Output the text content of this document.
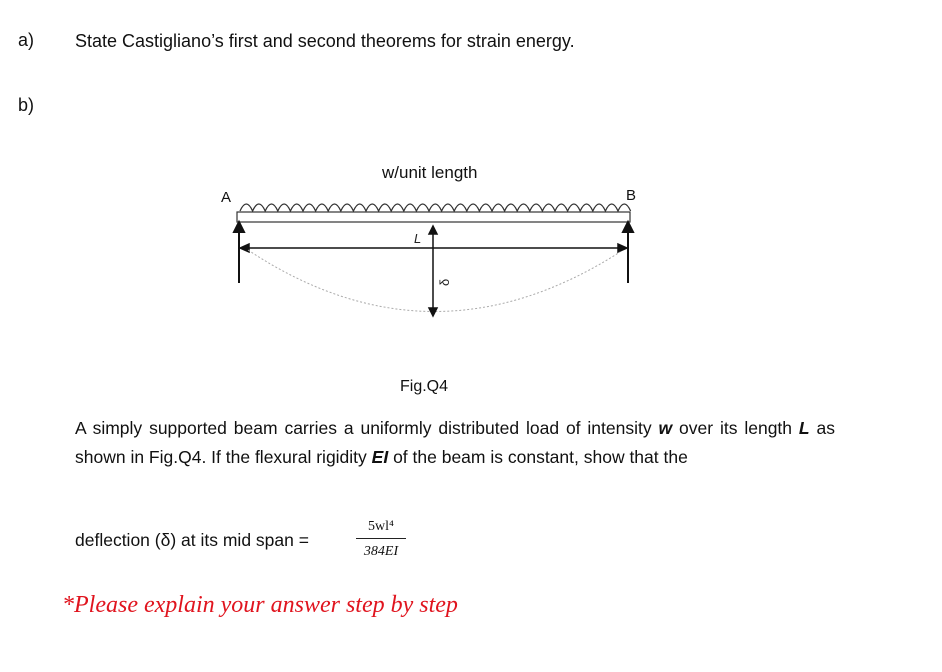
a) State Castigliano’s first and second theorems for strain energy.
b)
w/unit length
A	B
L
δ
Fig.Q4
A simply supported beam carries a uniformly distributed load of intensity w over its length L as shown in Fig.Q4. If the flexural rigidity EI of the beam is constant, show that the
deflection (δ) at its mid span =	$\frac{\text{5wl⁴}}{384EI}$
*Please explain your answer step by step
